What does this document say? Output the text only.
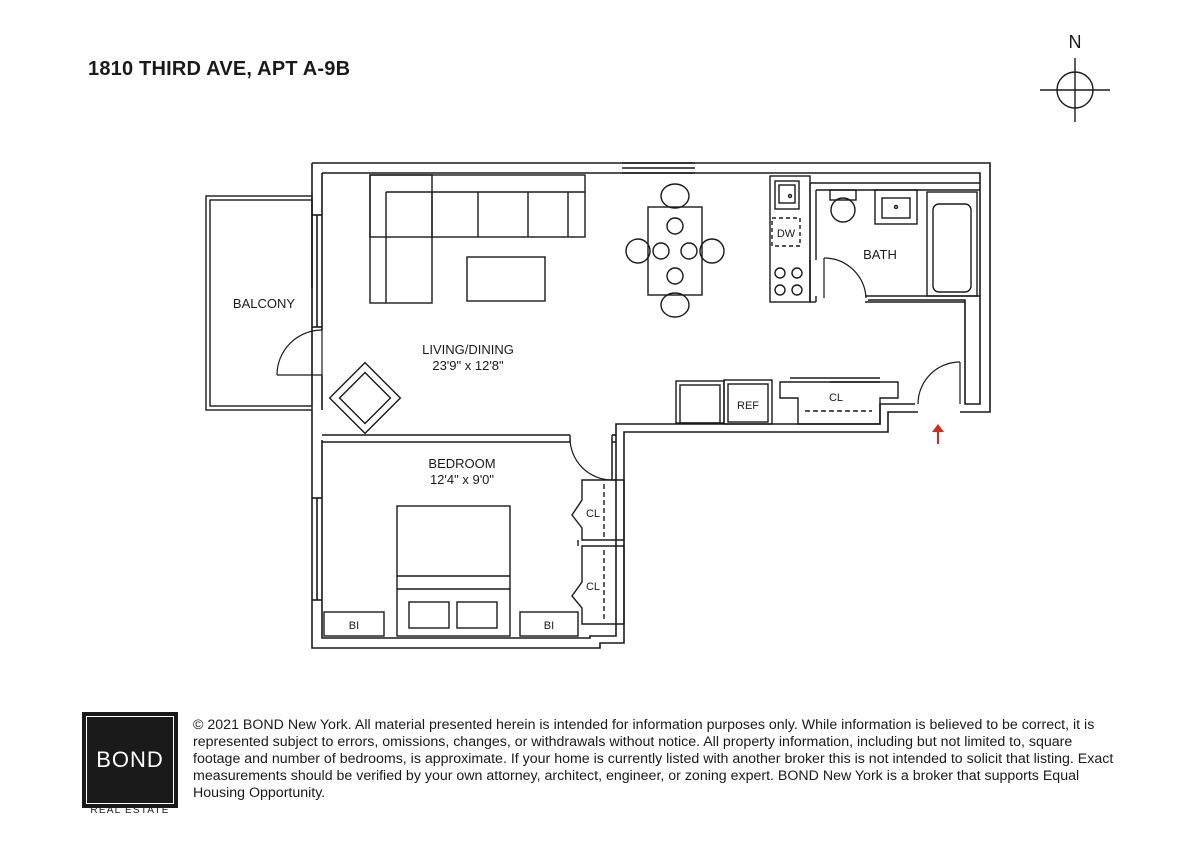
1810 THIRD AVE, APT A-9B
N
LIVING/DINING
23'9" x 12'8"
BEDROOM
12'4" x 9'0"
BALCONY
BATH
DW
REF
CL
CL
CL
BI	BI
BOND
REAL ESTATE
© 2021 BOND New York. All material presented herein is intended for information purposes only. While information is believed to be correct, it is represented subject to errors, omissions, changes, or withdrawals without notice. All property information, including but not limited to, square footage and number of bedrooms, is approximate. If your home is currently listed with another broker this is not intended to solicit that listing. Exact measurements should be verified by your own attorney, architect, engineer, or zoning expert. BOND New York is a broker that supports Equal Housing Opportunity.
